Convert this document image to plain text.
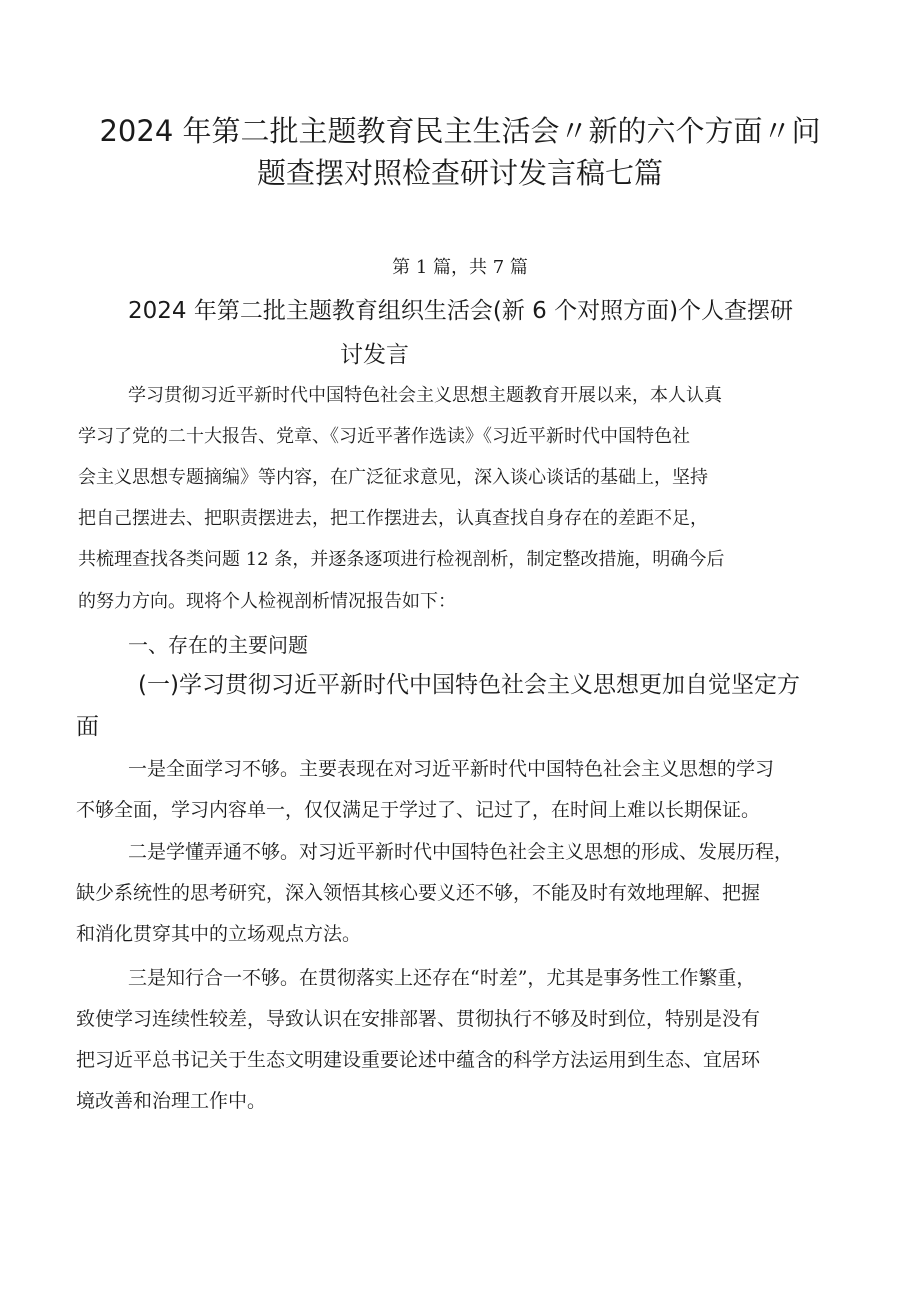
2024 年第二批主题教育民主生活会〃新的六个方面〃问
题查摆对照检查研讨发言稿七篇
第 1 篇，共 7 篇
2024 年第二批主题教育组织生活会(新 6 个对照方面)个人查摆研
讨发言
学习贯彻习近平新时代中国特色社会主义思想主题教育开展以来，本人认真
学习了党的二十大报告、党章、《习近平著作选读》《习近平新时代中国特色社
会主义思想专题摘编》等内容，在广泛征求意见，深入谈心谈话的基础上，坚持
把自己摆进去、把职责摆进去，把工作摆进去，认真查找自身存在的差距不足，
共梳理查找各类问题 12 条，并逐条逐项进行检视剖析，制定整改措施，明确今后
的努力方向。现将个人检视剖析情况报告如下：
一、存在的主要问题
(一)学习贯彻习近平新时代中国特色社会主义思想更加自觉坚定方
面
一是全面学习不够。主要表现在对习近平新时代中国特色社会主义思想的学习
不够全面，学习内容单一，仅仅满足于学过了、记过了，在时间上难以长期保证。
二是学懂弄通不够。对习近平新时代中国特色社会主义思想的形成、发展历程，
缺少系统性的思考研究，深入领悟其核心要义还不够，不能及时有效地理解、把握
和消化贯穿其中的立场观点方法。
三是知行合一不够。在贯彻落实上还存在“时差”，尤其是事务性工作繁重，
致使学习连续性较差，导致认识在安排部署、贯彻执行不够及时到位，特别是没有
把习近平总书记关于生态文明建设重要论述中蕴含的科学方法运用到生态、宜居环
境改善和治理工作中。
